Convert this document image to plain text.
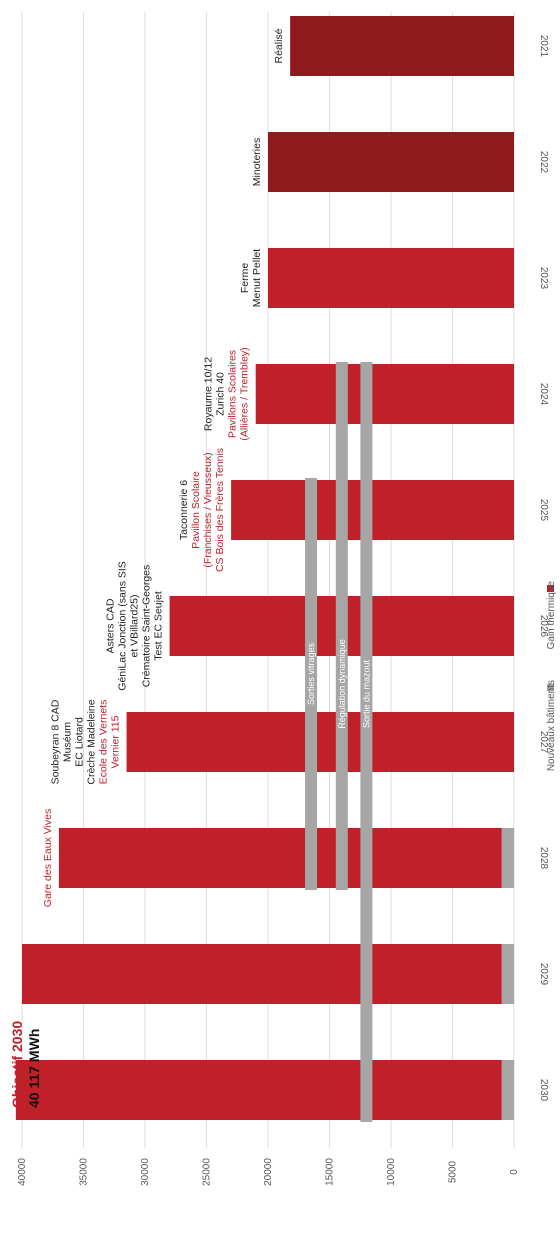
0
5000
10000
15000
20000
25000
30000
35000
40000
Sorties vitrages Régulation dynamique Sortie du mazout
2021
2022
2023
2024
2025
2026
2027
2028
2029
2030
Réalisé
Minoteries
Ferme Menut Pellet
Royaume 10/12 Zurich 40 Pavillons Scolaires (Allières / Trembley)
Taconnerie 6 Pavillon Scolaire (Franchises / Vieusseux) CS Bois des Frères Tennis
Asters CAD GéniLac Jonction (sans SIS et VBillard25) Crématoire Saint-Georges Test EC Seujet
Soubeyran 8 CAD Muséum EC Liotard Crèche Madeleine Ecole des Vernets Vernier 115
Gare des Eaux Vives
Nouveaux bâtiments
Gain thermique
Objectif 2030 40 117 MWh
